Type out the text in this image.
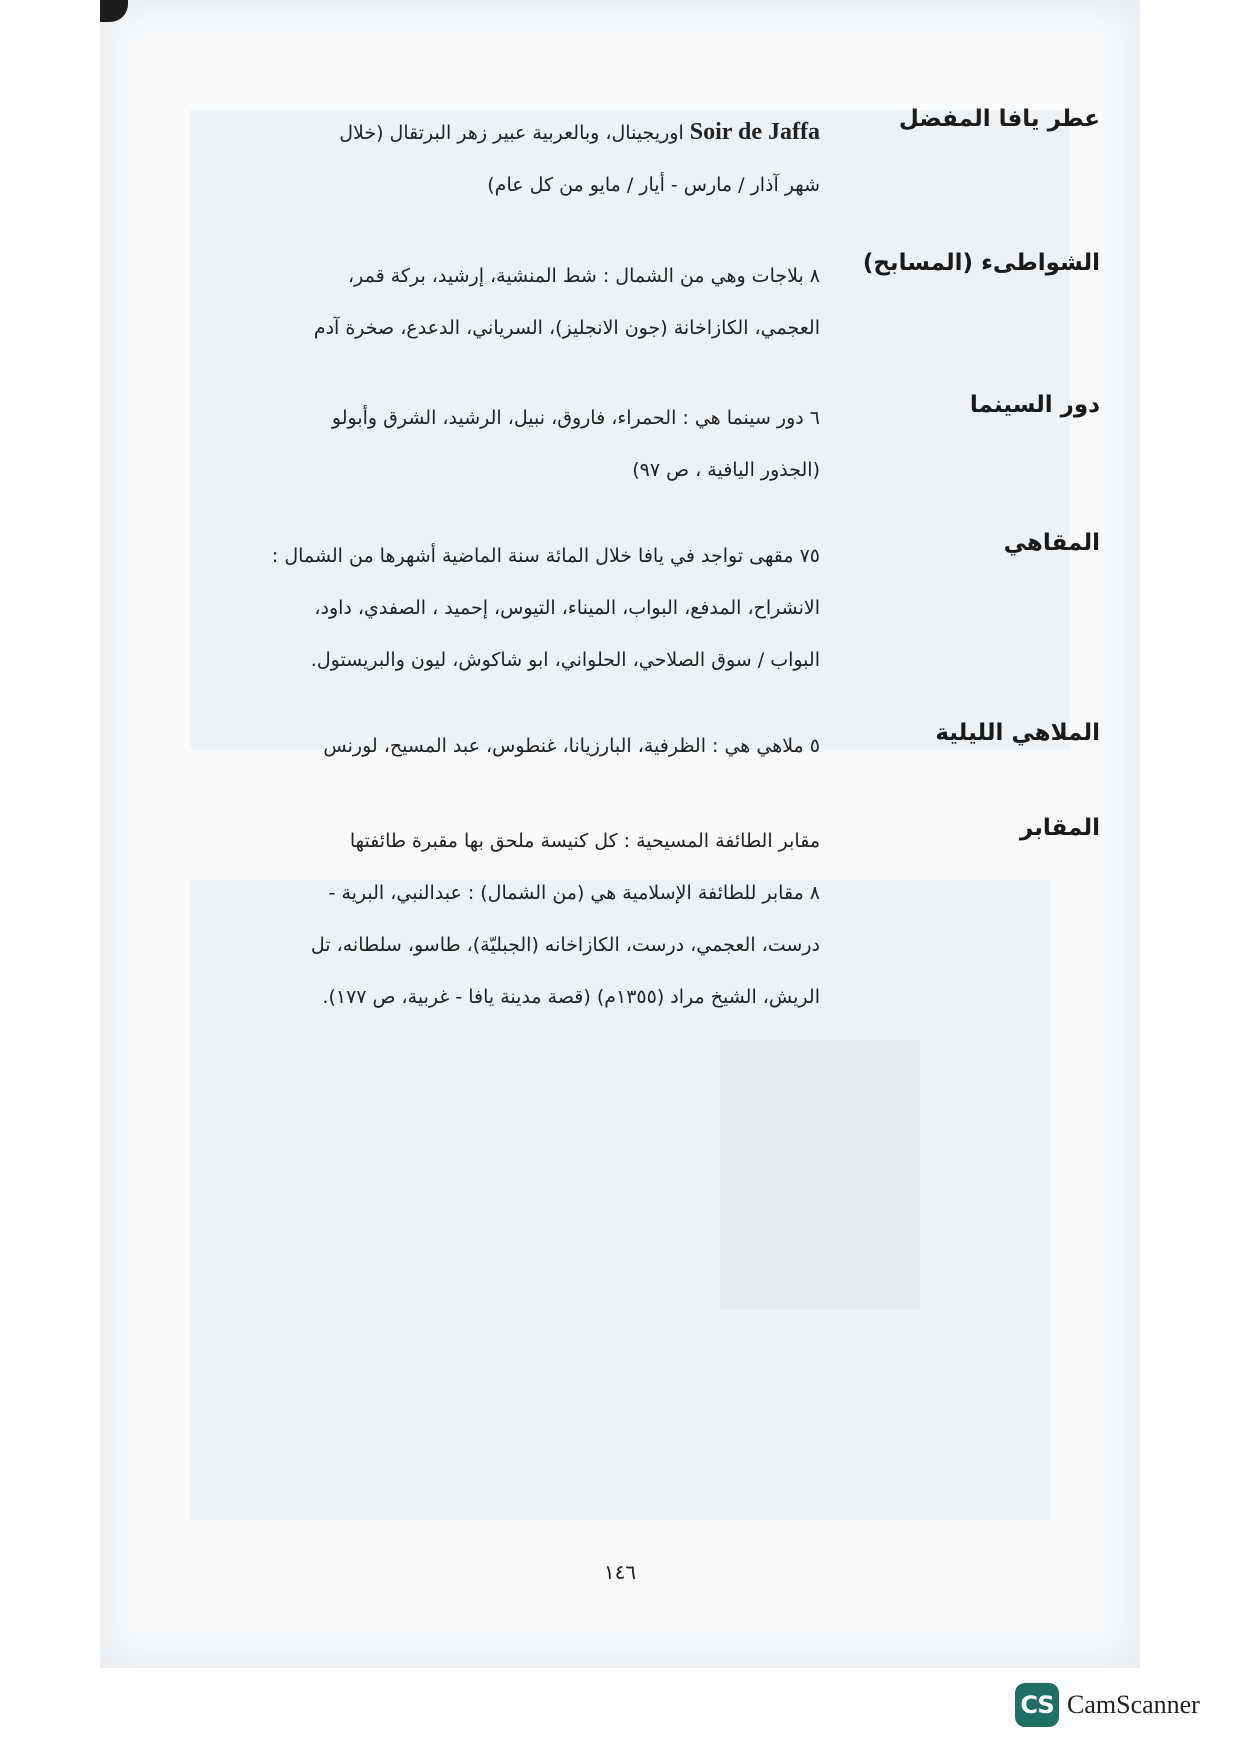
عطر يافا المفضل
Soir de Jaffa اوريجينال، وبالعربية عبير زهر البرتقال (خلال
شهر آذار / مارس - أيار / مايو من كل عام)
الشواطىء (المسابح)
٨ بلاجات وهي من الشمال : شط المنشية، إرشيد، بركة قمر،
العجمي، الكازاخانة (جون الانجليز)، السرياني، الدعدع، صخرة آدم
دور السينما
٦ دور سينما هي : الحمراء، فاروق، نبيل، الرشيد، الشرق وأبولو
(الجذور اليافية ، ص ٩٧)
المقاهي
٧٥ مقهى تواجد في يافا خلال المائة سنة الماضية أشهرها من الشمال :
الانشراح، المدفع، البواب، الميناء، التيوس، إحميد ، الصفدي، داود،
البواب / سوق الصلاحي، الحلواني، ابو شاكوش، ليون والبريستول.
الملاهي الليلية
٥ ملاهي هي : الظرفية، البارزيانا، غنطوس، عبد المسيح، لورنس
المقابر
مقابر الطائفة المسيحية : كل كنيسة ملحق بها مقبرة طائفتها
٨ مقابر للطائفة الإسلامية هي (من الشمال) : عبدالنبي، البرية -
درست، العجمي، درست، الكازاخانه (الجبليّة)، طاسو، سلطانه، تل
الريش، الشيخ مراد (١٣٥٥م) (قصة مدينة يافا - غربية، ص ١٧٧).
١٤٦
CS CamScanner
